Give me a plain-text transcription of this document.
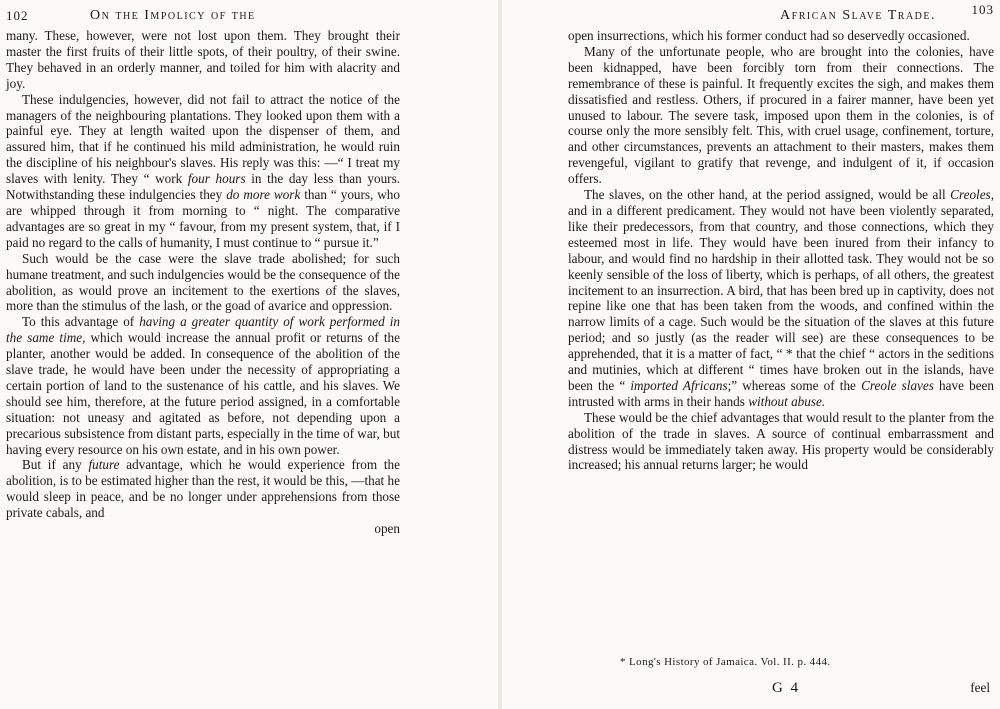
102	On the Impolicy of the

many. These, however, were not lost upon them. They brought their master the first fruits of their little spots, of their poultry, of their swine. They behaved in an orderly manner, and toiled for him with alacrity and joy.

These indulgencies, however, did not fail to attract the notice of the managers of the neighbouring plantations. They looked upon them with a painful eye. They at length waited upon the dispenser of them, and assured him, that if he continued his mild administration, he would ruin the discipline of his neighbour's slaves. His reply was this: —“ I treat my slaves with lenity. They “ work four hours in the day less than yours. Notwithstanding these indulgencies they do more work than “ yours, who are whipped through it from morning to “ night. The comparative advantages are so great in my “ favour, from my present system, that, if I paid no regard to the calls of humanity, I must continue to “ pursue it.”

Such would be the case were the slave trade abolished; for such humane treatment, and such indulgencies would be the consequence of the abolition, as would prove an incitement to the exertions of the slaves, more than the stimulus of the lash, or the goad of avarice and oppression.

To this advantage of having a greater quantity of work performed in the same time, which would increase the annual profit or returns of the planter, another would be added. In consequence of the abolition of the slave trade, he would have been under the necessity of appropriating a certain portion of land to the sustenance of his cattle, and his slaves. We should see him, therefore, at the future period assigned, in a comfortable situation: not uneasy and agitated as before, not depending upon a precarious subsistence from distant parts, especially in the time of war, but having every resource on his own estate, and in his own power.

But if any future advantage, which he would experience from the abolition, is to be estimated higher than the rest, it would be this, —that he would sleep in peace, and be no longer under apprehensions from those private cabals, and

open
African Slave Trade.	103

open insurrections, which his former conduct had so deservedly occasioned.

Many of the unfortunate people, who are brought into the colonies, have been kidnapped, have been forcibly torn from their connections. The remembrance of these is painful. It frequently excites the sigh, and makes them dissatisfied and restless. Others, if procured in a fairer manner, have been yet unused to labour. The severe task, imposed upon them in the colonies, is of course only the more sensibly felt. This, with cruel usage, confinement, torture, and other circumstances, prevents an attachment to their masters, makes them revengeful, vigilant to gratify that revenge, and indulgent of it, if occasion offers.

The slaves, on the other hand, at the period assigned, would be all Creoles, and in a different predicament. They would not have been violently separated, like their predecessors, from that country, and those connections, which they esteemed most in life. They would have been inured from their infancy to labour, and would find no hardship in their allotted task. They would not be so keenly sensible of the loss of liberty, which is perhaps, of all others, the greatest incitement to an insurrection. A bird, that has been bred up in captivity, does not repine like one that has been taken from the woods, and confined within the narrow limits of a cage. Such would be the situation of the slaves at this future period; and so justly (as the reader will see) are these consequences to be apprehended, that it is a matter of fact, “ * that the chief “ actors in the seditions and mutinies, which at different “ times have broken out in the islands, have been the “ imported Africans;” whereas some of the Creole slaves have been intrusted with arms in their hands without abuse.

These would be the chief advantages that would result to the planter from the abolition of the trade in slaves. A source of continual embarrassment and distress would be immediately taken away. His property would be considerably increased; his annual returns larger; he would

* Long's History of Jamaica. Vol. II. p. 444.
G 4	feel
